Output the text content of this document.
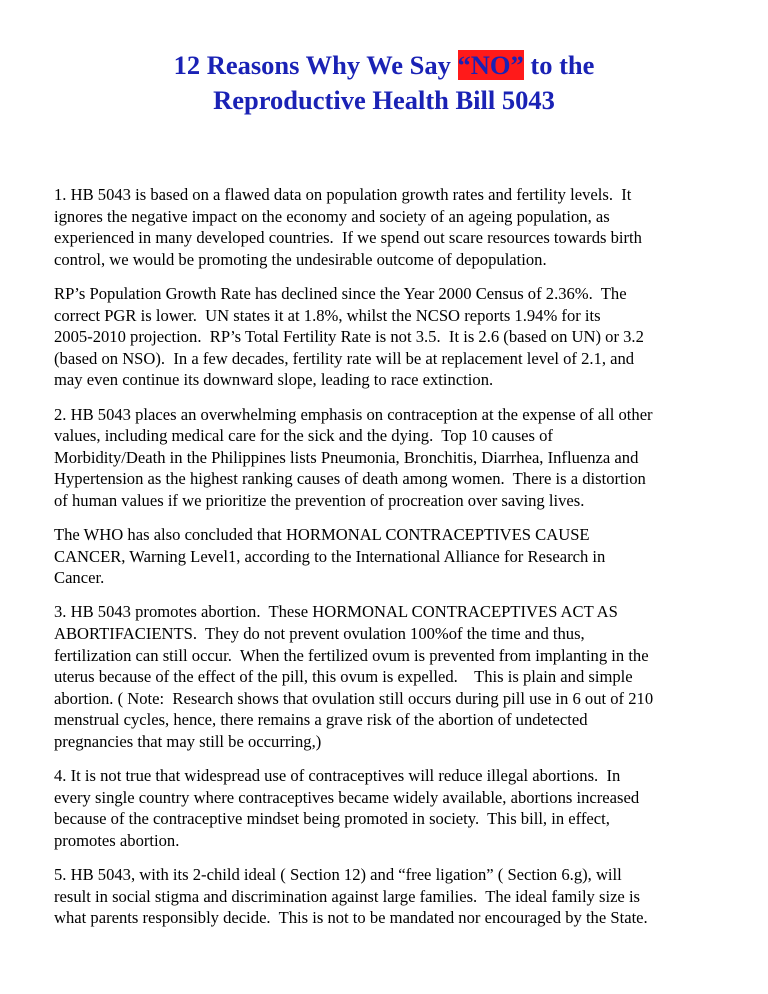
12 Reasons Why We Say “NO” to the
Reproductive Health Bill 5043

1. HB 5043 is based on a flawed data on population growth rates and fertility levels.  It
ignores the negative impact on the economy and society of an ageing population, as
experienced in many developed countries.  If we spend out scare resources towards birth
control, we would be promoting the undesirable outcome of depopulation.

RP’s Population Growth Rate has declined since the Year 2000 Census of 2.36%.  The
correct PGR is lower.  UN states it at 1.8%, whilst the NCSO reports 1.94% for its
2005-2010 projection.  RP’s Total Fertility Rate is not 3.5.  It is 2.6 (based on UN) or 3.2
(based on NSO).  In a few decades, fertility rate will be at replacement level of 2.1, and
may even continue its downward slope, leading to race extinction.

2. HB 5043 places an overwhelming emphasis on contraception at the expense of all other
values, including medical care for the sick and the dying.  Top 10 causes of
Morbidity/Death in the Philippines lists Pneumonia, Bronchitis, Diarrhea, Influenza and
Hypertension as the highest ranking causes of death among women.  There is a distortion
of human values if we prioritize the prevention of procreation over saving lives.

The WHO has also concluded that HORMONAL CONTRACEPTIVES CAUSE
CANCER, Warning Level1, according to the International Alliance for Research in
Cancer.

3. HB 5043 promotes abortion.  These HORMONAL CONTRACEPTIVES ACT AS
ABORTIFACIENTS.  They do not prevent ovulation 100%of the time and thus,
fertilization can still occur.  When the fertilized ovum is prevented from implanting in the
uterus because of the effect of the pill, this ovum is expelled.    This is plain and simple
abortion. ( Note:  Research shows that ovulation still occurs during pill use in 6 out of 210
menstrual cycles, hence, there remains a grave risk of the abortion of undetected
pregnancies that may still be occurring,)

4. It is not true that widespread use of contraceptives will reduce illegal abortions.  In
every single country where contraceptives became widely available, abortions increased
because of the contraceptive mindset being promoted in society.  This bill, in effect,
promotes abortion.

5. HB 5043, with its 2-child ideal ( Section 12) and “free ligation” ( Section 6.g), will
result in social stigma and discrimination against large families.  The ideal family size is
what parents responsibly decide.  This is not to be mandated nor encouraged by the State.
